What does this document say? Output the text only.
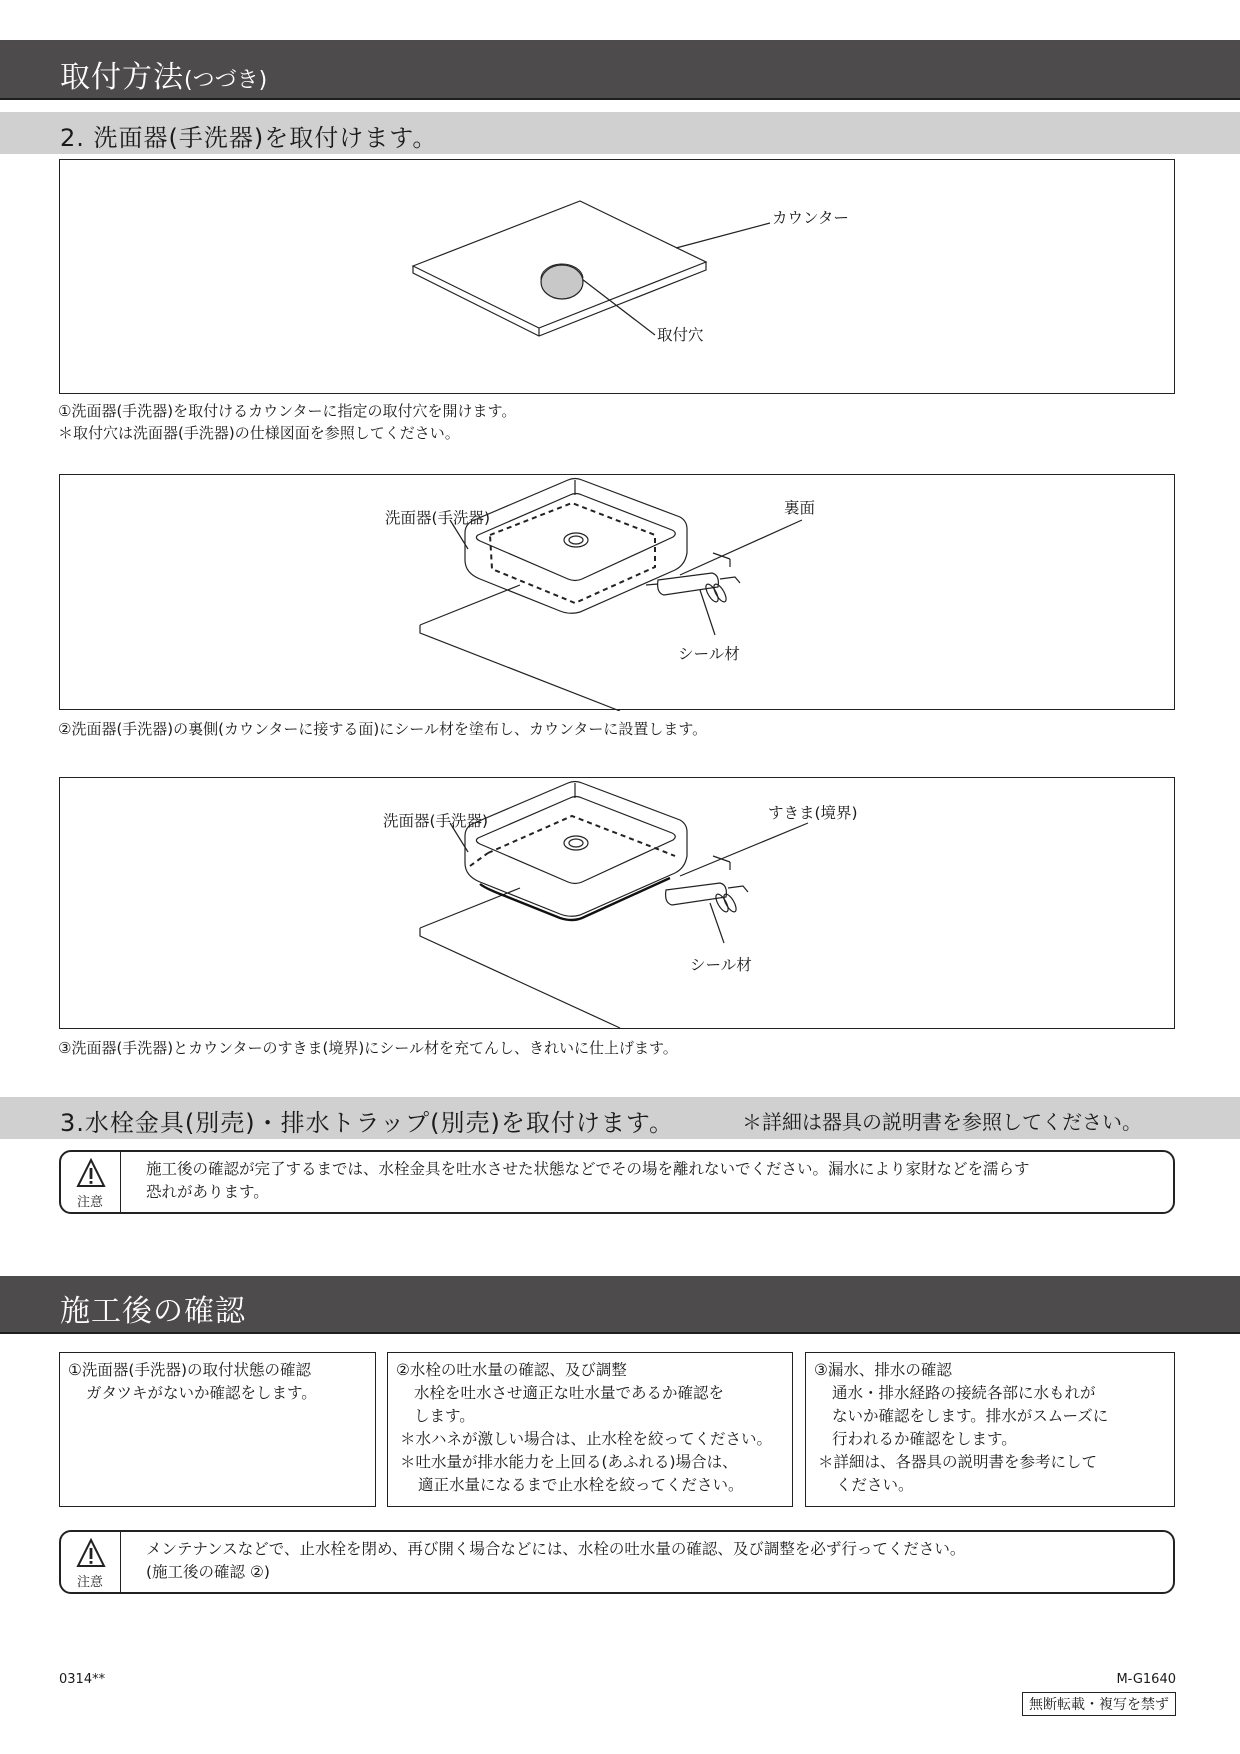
取付方法(つづき)
2. 洗面器(手洗器)を取付けます。
カウンター
取付穴
①洗面器(手洗器)を取付けるカウンターに指定の取付穴を開けます。
＊取付穴は洗面器(手洗器)の仕様図面を参照してください。
洗面器(手洗器)
裏面
シール材
②洗面器(手洗器)の裏側(カウンターに接する面)にシール材を塗布し、カウンターに設置します。
洗面器(手洗器)	すきま(境界)
シール材
③洗面器(手洗器)とカウンターのすきま(境界)にシール材を充てんし、きれいに仕上げます。
3.水栓金具(別売)・排水トラップ(別売)を取付けます。	＊詳細は器具の説明書を参照してください。
注意
施工後の確認が完了するまでは、水栓金具を吐水させた状態などでその場を離れないでください。漏水により家財などを濡らす
恐れがあります。
施工後の確認
①洗面器(手洗器)の取付状態の確認
ガタツキがないか確認をします。
②水栓の吐水量の確認、及び調整
水栓を吐水させ適正な吐水量であるか確認を
します。
＊水ハネが激しい場合は、止水栓を絞ってください。
＊吐水量が排水能力を上回る(あふれる)場合は、
適正水量になるまで止水栓を絞ってください。
③漏水、排水の確認
通水・排水経路の接続各部に水もれが
ないか確認をします。排水がスムーズに
行われるか確認をします。
＊詳細は、各器具の説明書を参考にして
ください。
注意
メンテナンスなどで、止水栓を閉め、再び開く場合などには、水栓の吐水量の確認、及び調整を必ず行ってください。
(施工後の確認 ②)
0314**	M-G1640
無断転載・複写を禁ず
